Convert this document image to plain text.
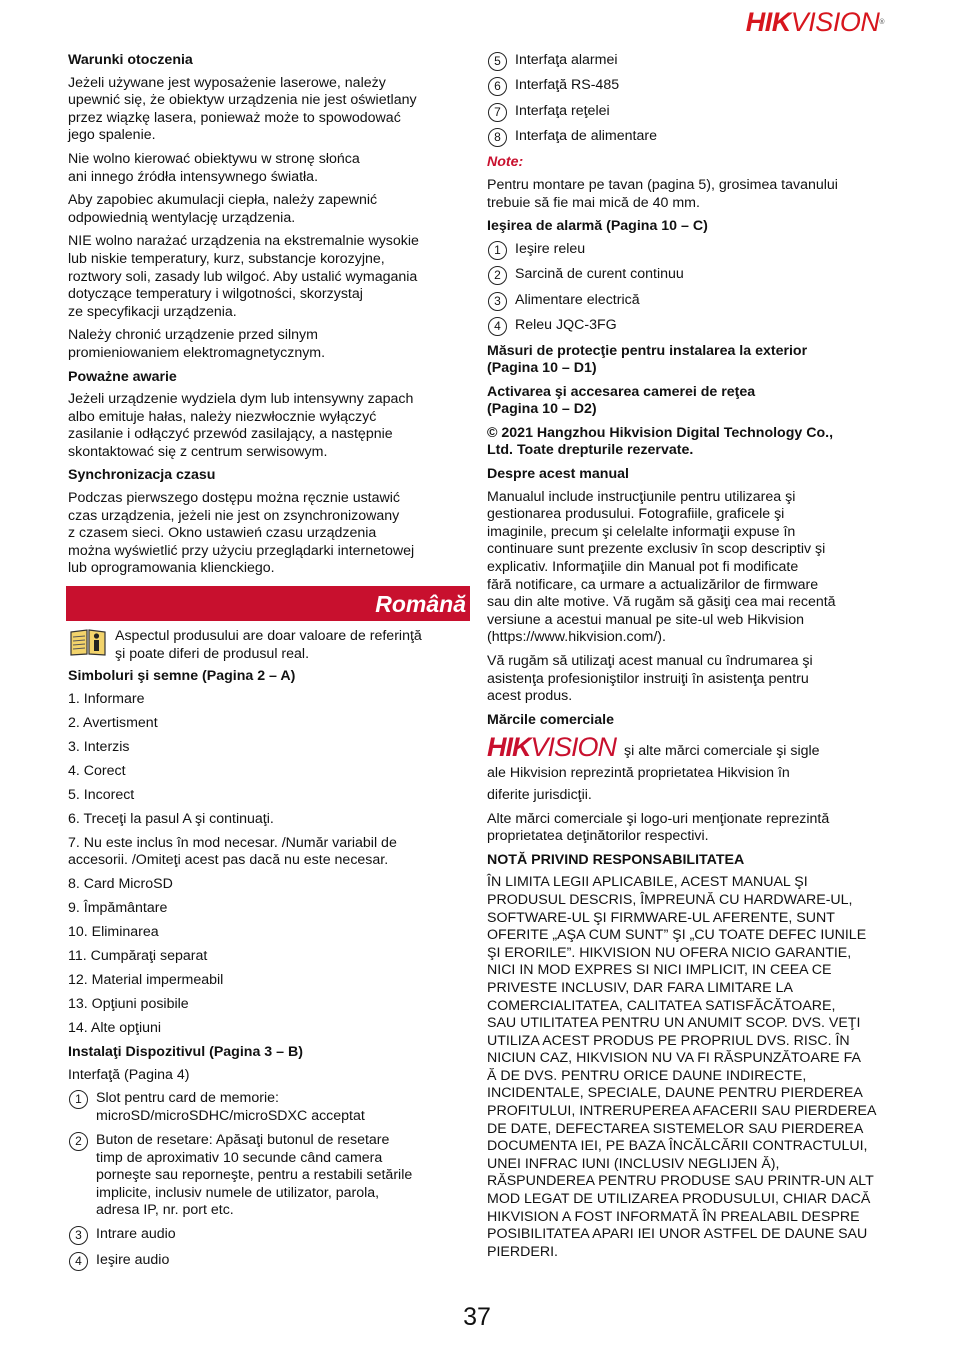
HIKVISION®
Warunki otoczenia
Jeżeli używane jest wyposażenie laserowe, należy
upewnić się, że obiektyw urządzenia nie jest oświetlany
przez wiązkę lasera, ponieważ może to spowodować
jego spalenie.
Nie wolno kierować obiektywu w stronę słońca
ani innego źródła intensywnego światła.
Aby zapobiec akumulacji ciepła, należy zapewnić
odpowiednią wentylację urządzenia.
NIE wolno narażać urządzenia na ekstremalnie wysokie
lub niskie temperatury, kurz, substancje korozyjne,
roztwory soli, zasady lub wilgoć. Aby ustalić wymagania
dotyczące temperatury i wilgotności, skorzystaj
ze specyfikacji urządzenia.
Należy chronić urządzenie przed silnym
promieniowaniem elektromagnetycznym.
Poważne awarie
Jeżeli urządzenie wydziela dym lub intensywny zapach
albo emituje hałas, należy niezwłocznie wyłączyć
zasilanie i odłączyć przewód zasilający, a następnie
skontaktować się z centrum serwisowym.
Synchronizacja czasu
Podczas pierwszego dostępu można ręcznie ustawić
czas urządzenia, jeżeli nie jest on zsynchronizowany
z czasem sieci. Okno ustawień czasu urządzenia
można wyświetlić przy użyciu przeglądarki internetowej
lub oprogramowania klienckiego.
Română
Aspectul produsului are doar valoare de referinţă
şi poate diferi de produsul real.
Simboluri şi semne (Pagina 2 – A)
1. Informare
2. Avertisment
3. Interzis
4. Corect
5. Incorect
6. Treceţi la pasul A şi continuaţi.
7. Nu este inclus în mod necesar. /Număr variabil de
accesorii. /Omiteţi acest pas dacă nu este necesar.
8. Card MicroSD
9. Împământare
10. Eliminarea
11. Cumpăraţi separat
12. Material impermeabil
13. Opţiuni posibile
14. Alte opţiuni
Instalaţi Dispozitivul (Pagina 3 – B)
Interfaţă (Pagina 4)
1 Slot pentru card de memorie:
microSD/microSDHC/microSDXC acceptat
2 Buton de resetare: Apăsaţi butonul de resetare
timp de aproximativ 10 secunde când camera
porneşte sau reporneşte, pentru a restabili setările
implicite, inclusiv numele de utilizator, parola,
adresa IP, nr. port etc.
3 Intrare audio
4 Ieşire audio
5 Interfaţa alarmei
6 Interfaţă RS-485
7 Interfaţa reţelei
8 Interfaţa de alimentare
Note:
Pentru montare pe tavan (pagina 5), grosimea tavanului
trebuie să fie mai mică de 40 mm.
Ieşirea de alarmă (Pagina 10 – C)
1 Ieşire releu
2 Sarcină de curent continuu
3 Alimentare electrică
4 Releu JQC-3FG
Măsuri de protecţie pentru instalarea la exterior
(Pagina 10 – D1)
Activarea şi accesarea camerei de reţea
(Pagina 10 – D2)
© 2021 Hangzhou Hikvision Digital Technology Co.,
Ltd. Toate drepturile rezervate.
Despre acest manual
Manualul include instrucţiunile pentru utilizarea şi
gestionarea produsului. Fotografiile, graficele şi
imaginile, precum şi celelalte informaţii expuse în
continuare sunt prezente exclusiv în scop descriptiv şi
explicativ. Informaţiile din Manual pot fi modificate
fără notificare, ca urmare a actualizărilor de firmware
sau din alte motive. Vă rugăm să găsiţi cea mai recentă
versiune a acestui manual pe site-ul web Hikvision
(https://www.hikvision.com/).
Vă rugăm să utilizaţi acest manual cu îndrumarea şi
asistenţa profesioniştilor instruiţi în asistenţa pentru
acest produs.
Mărcile comerciale
HIKVISION şi alte mărci comerciale şi sigle
ale Hikvision reprezintă proprietatea Hikvision în
diferite jurisdicţii.
Alte mărci comerciale şi logo-uri menţionate reprezintă
proprietatea deţinătorilor respectivi.
NOTĂ PRIVIND RESPONSABILITATEA
ÎN LIMITA LEGII APLICABILE, ACEST MANUAL ŞI
PRODUSUL DESCRIS, ÎMPREUNĂ CU HARDWARE-UL,
SOFTWARE-UL ŞI FIRMWARE-UL AFERENTE, SUNT
OFERITE „AŞA CUM SUNT” ŞI „CU TOATE DEFEC IUNILE
ŞI ERORILE”. HIKVISION NU OFERA NICIO GARANTIE,
NICI IN MOD EXPRES SI NICI IMPLICIT, IN CEEA CE
PRIVESTE INCLUSIV, DAR FARA LIMITARE LA
COMERCIALITATEA, CALITATEA SATISFĂCĂTOARE,
SAU UTILITATEA PENTRU UN ANUMIT SCOP. DVS. VEŢI
UTILIZA ACEST PRODUS PE PROPRIUL DVS. RISC. ÎN
NICIUN CAZ, HIKVISION NU VA FI RĂSPUNZĂTOARE FA
Ă DE DVS. PENTRU ORICE DAUNE INDIRECTE,
INCIDENTALE, SPECIALE, DAUNE PENTRU PIERDEREA
PROFITULUI, INTRERUPEREA AFACERII SAU PIERDEREA
DE DATE, DEFECTAREA SISTEMELOR SAU PIERDEREA
DOCUMENTA IEI, PE BAZA ÎNCĂLCĂRII CONTRACTULUI,
UNEI INFRAC IUNI (INCLUSIV NEGLIJEN Ă),
RĂSPUNDEREA PENTRU PRODUSE SAU PRINTR-UN ALT
MOD LEGAT DE UTILIZAREA PRODUSULUI, CHIAR DACĂ
HIKVISION A FOST INFORMATĂ ÎN PREALABIL DESPRE
POSIBILITATEA APARI IEI UNOR ASTFEL DE DAUNE SAU
PIERDERI.
37
